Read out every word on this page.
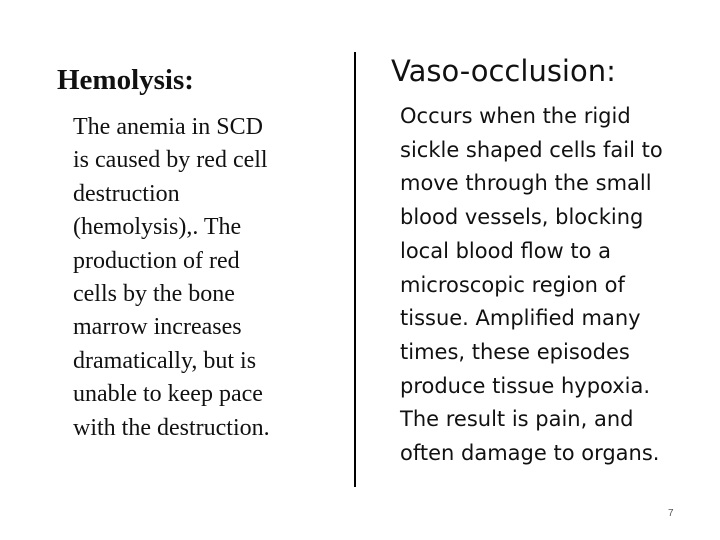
Hemolysis:
The anemia in SCD
is caused by red cell
destruction
(hemolysis),. The
production of red
cells by the bone
marrow increases
dramatically, but is
unable to keep pace
with the destruction.
Vaso-occlusion:
Occurs when the rigid
sickle shaped cells fail to
move through the small
blood vessels, blocking
local blood flow to a
microscopic region of
tissue. Amplified many
times, these episodes
produce tissue hypoxia.
The result is pain, and
often damage to organs.
7
